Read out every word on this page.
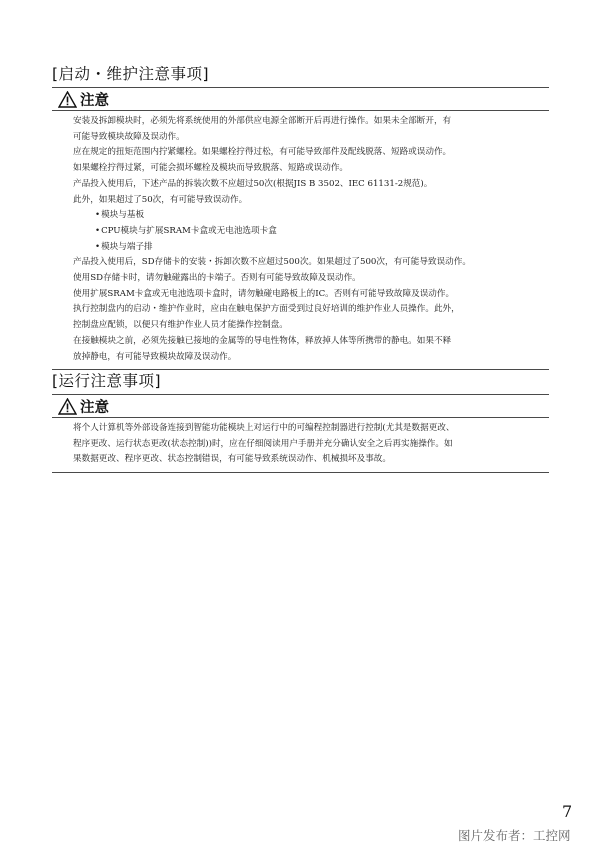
[启动・维护注意事项]
注意
安装及拆卸模块时，必须先将系统使用的外部供应电源全部断开后再进行操作。如果未全部断开，有
可能导致模块故障及误动作。
应在规定的扭矩范围内拧紧螺栓。如果螺栓拧得过松，有可能导致部件及配线脱落、短路或误动作。
如果螺栓拧得过紧，可能会损坏螺栓及模块而导致脱落、短路或误动作。
产品投入使用后，下述产品的拆装次数不应超过50次(根据JIS B 3502、IEC 61131-2规范)。
此外，如果超过了50次，有可能导致误动作。
• 模块与基板
• CPU模块与扩展SRAM卡盒或无电池选项卡盒
• 模块与端子排
产品投入使用后，SD存储卡的安装・拆卸次数不应超过500次。如果超过了500次，有可能导致误动作。
使用SD存储卡时，请勿触碰露出的卡端子。否则有可能导致故障及误动作。
使用扩展SRAM卡盒或无电池选项卡盒时，请勿触碰电路板上的IC。否则有可能导致故障及误动作。
执行控制盘内的启动・维护作业时，应由在触电保护方面受到过良好培训的维护作业人员操作。此外，
控制盘应配锁，以便只有维护作业人员才能操作控制盘。
在接触模块之前，必须先接触已接地的金属等的导电性物体，释放掉人体等所携带的静电。如果不释
放掉静电，有可能导致模块故障及误动作。
[运行注意事项]
注意
将个人计算机等外部设备连接到智能功能模块上对运行中的可编程控制器进行控制(尤其是数据更改、
程序更改、运行状态更改(状态控制))时，应在仔细阅读用户手册并充分确认安全之后再实施操作。如
果数据更改、程序更改、状态控制错误，有可能导致系统误动作、机械损坏及事故。
7
图片发布者：工控网
